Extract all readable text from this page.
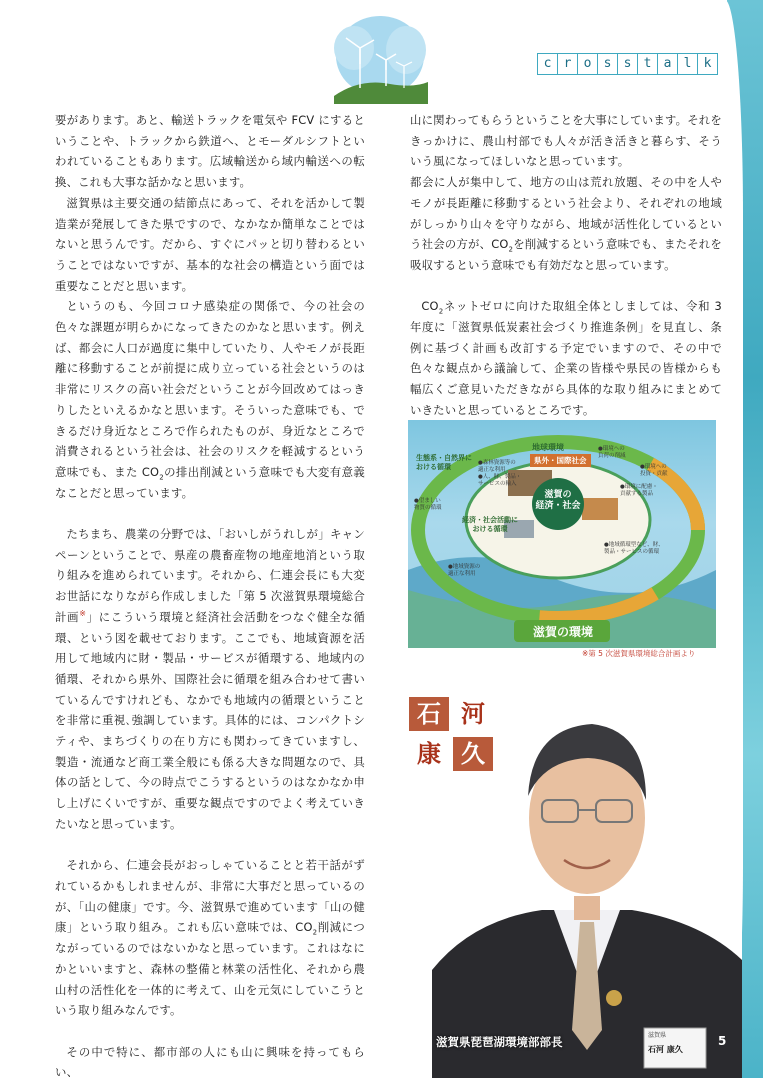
c r o s s t a l k

要があります。あと、輸送トラックを電気や FCV にするということや、トラックから鉄道へ、とモーダルシフトといわれていることもあります。広域輸送から域内輸送への転換、これも大事な話かなと思います。

滋賀県は主要交通の結節点にあって、それを活かして製造業が発展してきた県ですので、なかなか簡単なことではないと思うんです。だから、すぐにパッと切り替わるということではないですが、基本的な社会の構造という面では重要なことだと思います。

というのも、今回コロナ感染症の関係で、今の社会の色々な課題が明らかになってきたのかなと思います。例えば、都会に人口が過度に集中していたり、人やモノが長距離に移動することが前提に成り立っている社会というのは非常にリスクの高い社会だということが今回改めてはっきりしたといえるかなと思います。そういった意味でも、できるだけ身近なところで作られたものが、身近なところで消費されるという社会は、社会のリスクを軽減するという意味でも、また $CO_2$の排出削減という意味でも大変有意義なことだと思っています。

たちまち、農業の分野では、「おいしがうれしが」キャンペーンということで、県産の農畜産物の地産地消という取り組みを進められています。それから、仁連会長にも大変お世話になりながら作成しました「第 5 次滋賀県環境総合計画※」にこういう環境と経済社会活動をつなぐ健全な循環、という図を載せております。ここでも、地域資源を活用して地域内に財・製品・サービスが循環する、地域内の循環、それから県外、国際社会に循環を組み合わせて書いているんですけれども、なかでも地域内の循環ということを非常に重視､強調しています。具体的には、コンパクトシティや、まちづくりの在り方にも関わってきていますし、製造・流通など商工業全般にも係る大きな問題なので、具体の話として、今の時点でこうするというのはなかなか申し上げにくいですが、重要な観点ですのでよく考えていきたいなと思っています。

それから、仁連会長がおっしゃていることと若干話がずれているかもしれませんが、非常に大事だと思っているのが、「山の健康」です。今、滋賀県で進めています「山の健康」という取り組み。これも広い意味では、$CO_2$削減につながっているのではないかなと思っています。これはなにかといいますと、森林の整備と林業の活性化、それから農山村の活性化を一体的に考えて、山を元気にしていこうという取り組みなんです。

その中で特に、都市部の人にも山に興味を持ってもらい、

山に関わってもらうということを大事にしています。それをきっかけに、農山村部でも人々が活き活きと暮らす、そういう風になってほしいなと思っています。

都会に人が集中して、地方の山は荒れ放題、その中を人やモノが長距離に移動するという社会より、それぞれの地域がしっかり山々を守りながら、地域が活性化しているという社会の方が、$CO_2$を削減するという意味でも、またそれを吸収するという意味でも有効だなと思っています。

$CO_2$ネットゼロに向けた取組全体としましては、令和 3 年度に「滋賀県低炭素社会づくり推進条例」を見直し、条例に基づく計画も改訂する予定でいますので、その中で色々な観点から議論して、企業の皆様や県民の皆様からも幅広くご意見いただきながら具体的な取り組みにまとめていきたいと思っているところです。

地球環境
県外・国際社会
滋賀の
経済・社会
経済・社会活動に
おける循環
生態系・自然界に
おける循環	●森林資源等の
適正な利用
●人、財、製品・
サービスの輸入
●望ましい
物質の循環
●地域資源の
適正な利用
●環境への
負荷の削減
●環境への
投資・貢献
●環境に配慮・
貢献する製品
●地域循環型など、財、
製品・サービスの循環
滋賀の環境
※第 5 次滋賀県環境総合計画より
滋賀県
石河 康久
石 河
康 久
滋賀県琵琶湖環境部部長	5
